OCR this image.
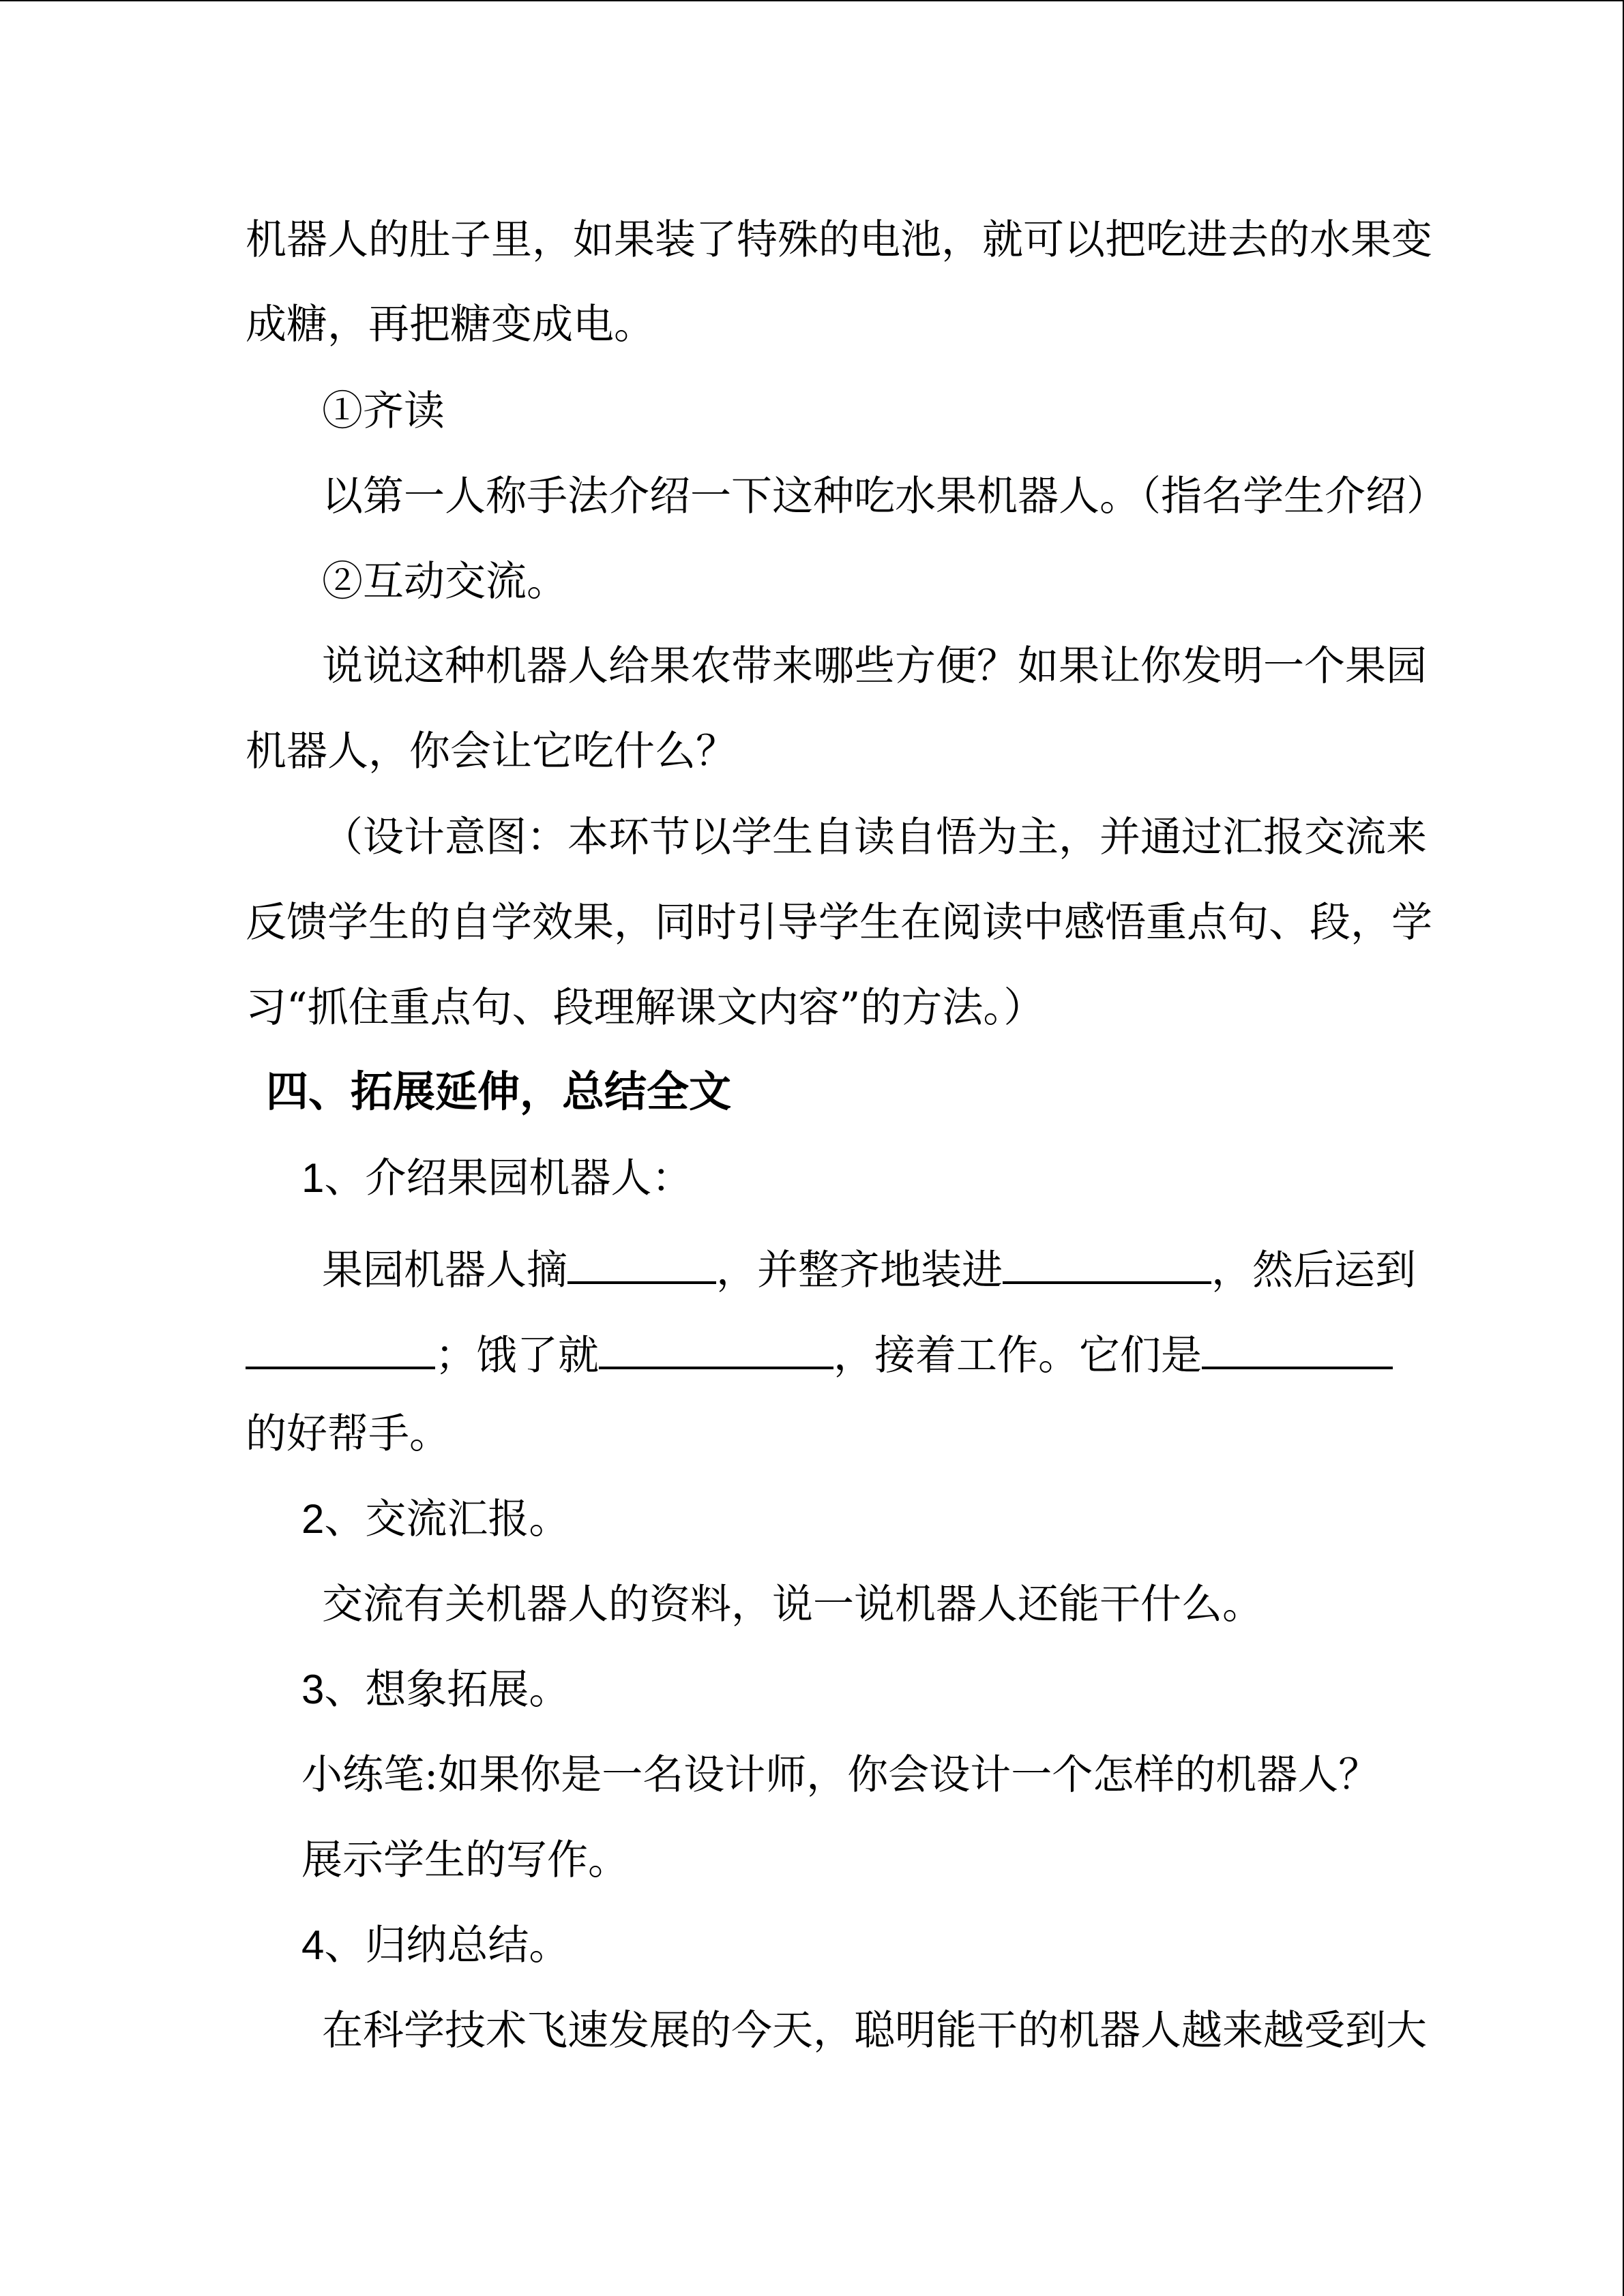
机器人的肚子里，如果装了特殊的电池，就可以把吃进去的水果变
成糖，再把糖变成电。
①齐读
以第一人称手法介绍一下这种吃水果机器人。（指名学生介绍）
②互动交流。
说说这种机器人给果农带来哪些方便？如果让你发明一个果园
机器人，你会让它吃什么？
（设计意图：本环节以学生自读自悟为主，并通过汇报交流来
反馈学生的自学效果，同时引导学生在阅读中感悟重点句、段，学
习“抓住重点句、段理解课文内容”的方法。）
四、拓展延伸，总结全文
1、介绍果园机器人：
果园机器人摘	，并整齐地装进	，然后运到
；饿了就	，接着工作。它们是
的好帮手。
2、交流汇报。
交流有关机器人的资料，说一说机器人还能干什么。
3、想象拓展。
小练笔:如果你是一名设计师，你会设计一个怎样的机器人？
展示学生的写作。
4、归纳总结。
在科学技术飞速发展的今天，聪明能干的机器人越来越受到大
